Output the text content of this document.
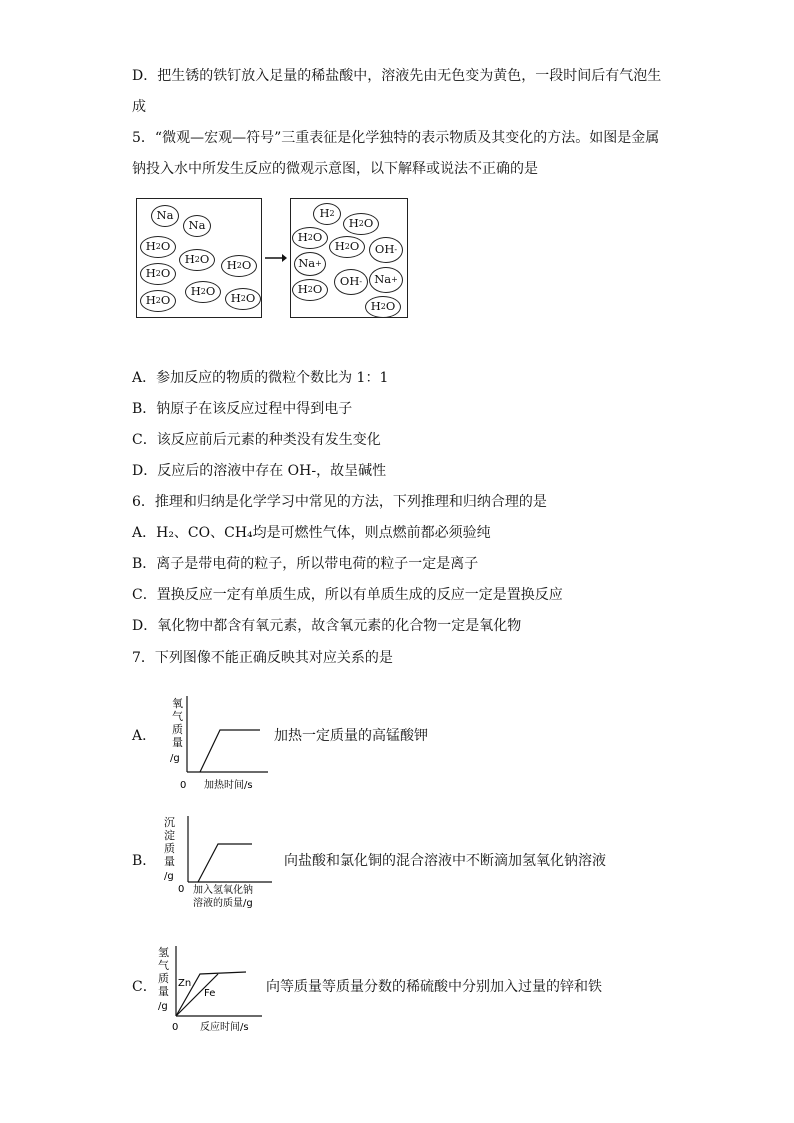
D．把生锈的铁钉放入足量的稀盐酸中，溶液先由无色变为黄色，一段时间后有气泡生
成
5．“微观—宏观—符号”三重表征是化学独特的表示物质及其变化的方法。如图是金属
钠投入水中所发生反应的微观示意图，以下解释或说法不正确的是
Na
Na
H 2 O
H 2 O	H 2 O
H 2 O
H 2 O
H 2 O	H 2 O
H 2
H 2 O
H 2 O
H 2 O	OH -
Na +
Na +
OH -
H 2 O
H 2 O
A．参加反应的物质的微粒个数比为 1：1
B．钠原子在该反应过程中得到电子
C．该反应前后元素的种类没有发生变化
D．反应后的溶液中存在 OH-，故呈碱性
6．推理和归纳是化学学习中常见的方法，下列推理和归纳合理的是
A．H₂、CO、CH₄均是可燃性气体，则点燃前都必须验纯
B．离子是带电荷的粒子，所以带电荷的粒子一定是离子
C．置换反应一定有单质生成，所以有单质生成的反应一定是置换反应
D．氧化物中都含有氧元素，故含氧元素的化合物一定是氧化物
7．下列图像不能正确反映其对应关系的是
A．
氧
气
质
量
/g
0 加热时间/s
加热一定质量的高锰酸钾
B．
沉
淀
质
量
/g
0 加入氢氧化钠
溶液的质量/g
向盐酸和氯化铜的混合溶液中不断滴加氢氧化钠溶液
C．
氢
气
质
量
/g
Zn
Fe
0 反应时间/s
向等质量等质量分数的稀硫酸中分别加入过量的锌和铁
